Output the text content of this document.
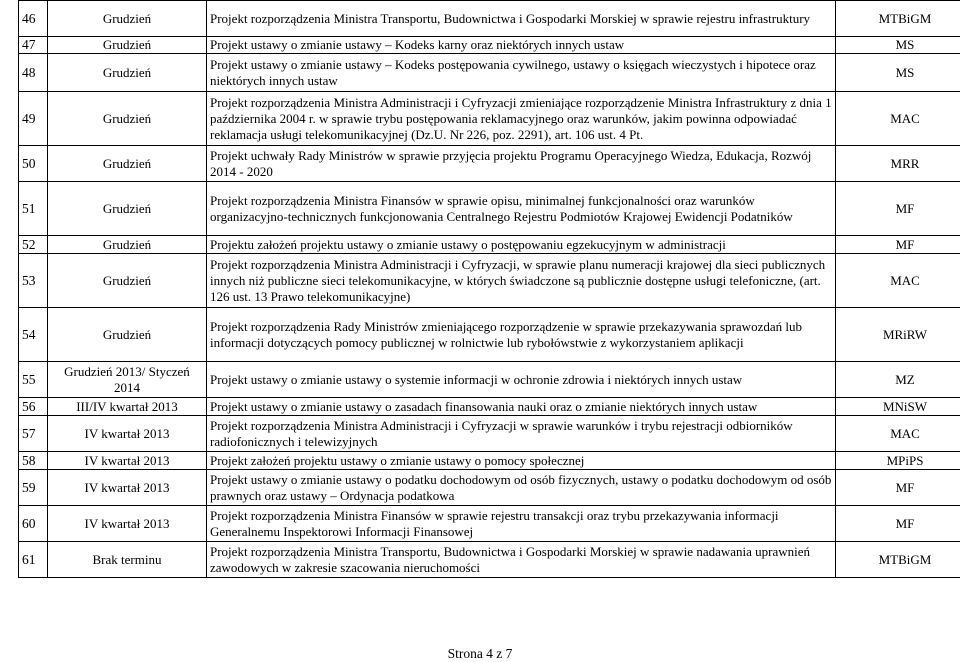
46	Grudzień	Projekt rozporządzenia Ministra Transportu, Budownictwa i Gospodarki Morskiej w sprawie rejestru infrastruktury	MTBiGM
47	Grudzień	Projekt ustawy o zmianie ustawy – Kodeks karny oraz niektórych innych ustaw	MS
48	Grudzień	Projekt ustawy o zmianie ustawy – Kodeks postępowania cywilnego, ustawy o księgach wieczystych i hipotece oraz niektórych innych ustaw	MS
49	Grudzień	Projekt rozporządzenia Ministra Administracji i Cyfryzacji zmieniające rozporządzenie Ministra Infrastruktury z dnia 1 października 2004 r. w sprawie trybu postępowania reklamacyjnego oraz warunków, jakim powinna odpowiadać reklamacja usługi telekomunikacyjnej (Dz.U. Nr 226, poz. 2291), art. 106 ust. 4 Pt.	MAC
50	Grudzień	Projekt uchwały Rady Ministrów w sprawie przyjęcia projektu Programu Operacyjnego Wiedza, Edukacja, Rozwój 2014 - 2020	MRR
51	Grudzień	Projekt rozporządzenia Ministra Finansów w sprawie opisu, minimalnej funkcjonalności oraz warunków organizacyjno-technicznych funkcjonowania Centralnego Rejestru Podmiotów Krajowej Ewidencji Podatników	MF
52	Grudzień	Projektu założeń projektu ustawy o zmianie ustawy o postępowaniu egzekucyjnym w administracji	MF
53	Grudzień	Projekt rozporządzenia Ministra Administracji i Cyfryzacji, w sprawie planu numeracji krajowej dla sieci publicznych innych niż publiczne sieci telekomunikacyjne, w których świadczone są publicznie dostępne usługi telefoniczne, (art. 126 ust. 13 Prawo telekomunikacyjne)	MAC
54	Grudzień	Projekt rozporządzenia Rady Ministrów zmieniającego rozporządzenie w sprawie przekazywania sprawozdań lub informacji dotyczących pomocy publicznej w rolnictwie lub rybołówstwie z wykorzystaniem aplikacji	MRiRW
55	Grudzień 2013/ Styczeń 2014	Projekt ustawy o zmianie ustawy o systemie informacji w ochronie zdrowia i niektórych innych ustaw	MZ
56	III/IV kwartał 2013	Projekt ustawy o zmianie ustawy o zasadach finansowania nauki oraz o zmianie niektórych innych ustaw	MNiSW
57	IV kwartał 2013	Projekt rozporządzenia Ministra Administracji i Cyfryzacji w sprawie warunków i trybu rejestracji odbiorników radiofonicznych i telewizyjnych	MAC
58	IV kwartał 2013	Projekt założeń projektu ustawy o zmianie ustawy o pomocy społecznej	MPiPS
59	IV kwartał 2013	Projekt ustawy o zmianie ustawy o podatku dochodowym od osób fizycznych, ustawy o podatku dochodowym od osób prawnych oraz ustawy – Ordynacja podatkowa	MF
60	IV kwartał 2013	Projekt rozporządzenia Ministra Finansów w sprawie rejestru transakcji oraz trybu przekazywania informacji Generalnemu Inspektorowi Informacji Finansowej	MF
61	Brak terminu	Projekt rozporządzenia Ministra Transportu, Budownictwa i Gospodarki Morskiej w sprawie nadawania uprawnień zawodowych w zakresie szacowania nieruchomości	MTBiGM
Strona 4 z 7
